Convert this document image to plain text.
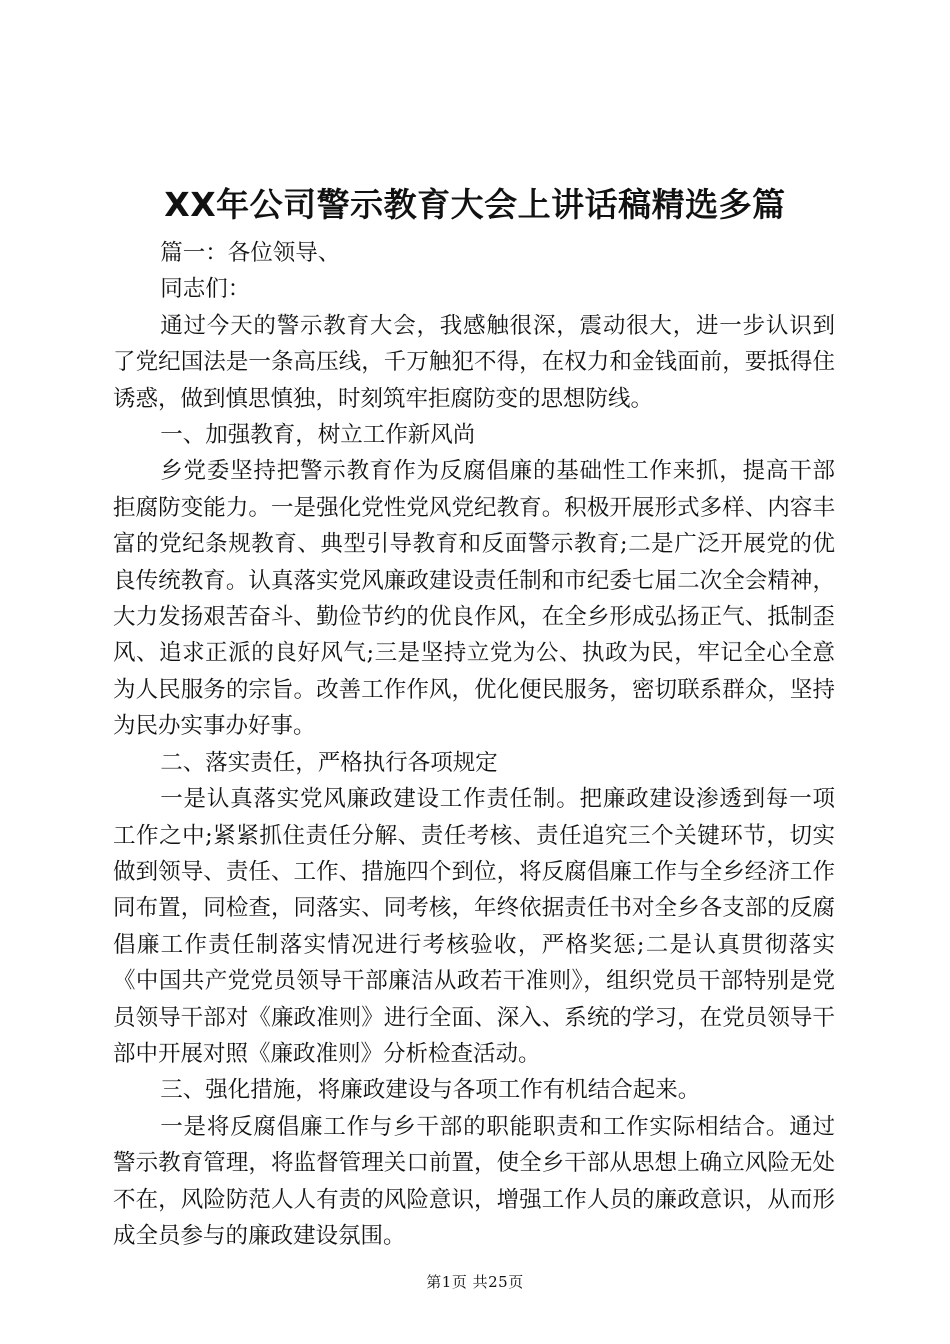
XX年公司警示教育大会上讲话稿精选多篇

篇一：各位领导、

同志们：

通过今天的警示教育大会，我感触很深，震动很大，进一步认识到了党纪国法是一条高压线，千万触犯不得，在权力和金钱面前，要抵得住诱惑，做到慎思慎独，时刻筑牢拒腐防变的思想防线。

一、加强教育，树立工作新风尚

乡党委坚持把警示教育作为反腐倡廉的基础性工作来抓，提高干部拒腐防变能力。一是强化党性党风党纪教育。积极开展形式多样、内容丰富的党纪条规教育、典型引导教育和反面警示教育;二是广泛开展党的优良传统教育。认真落实党风廉政建设责任制和市纪委七届二次全会精神，大力发扬艰苦奋斗、勤俭节约的优良作风，在全乡形成弘扬正气、抵制歪风、追求正派的良好风气;三是坚持立党为公、执政为民，牢记全心全意为人民服务的宗旨。改善工作作风，优化便民服务，密切联系群众，坚持为民办实事办好事。

二、落实责任，严格执行各项规定

一是认真落实党风廉政建设工作责任制。把廉政建设渗透到每一项工作之中;紧紧抓住责任分解、责任考核、责任追究三个关键环节，切实做到领导、责任、工作、措施四个到位，将反腐倡廉工作与全乡经济工作同布置，同检查，同落实、同考核，年终依据责任书对全乡各支部的反腐倡廉工作责任制落实情况进行考核验收，严格奖惩;二是认真贯彻落实《中国共产党党员领导干部廉洁从政若干准则》，组织党员干部特别是党员领导干部对《廉政准则》进行全面、深入、系统的学习，在党员领导干部中开展对照《廉政准则》分析检查活动。

三、强化措施，将廉政建设与各项工作有机结合起来。

一是将反腐倡廉工作与乡干部的职能职责和工作实际相结合。通过警示教育管理，将监督管理关口前置，使全乡干部从思想上确立风险无处不在，风险防范人人有责的风险意识，增强工作人员的廉政意识，从而形成全员参与的廉政建设氛围。

第1页 共25页
